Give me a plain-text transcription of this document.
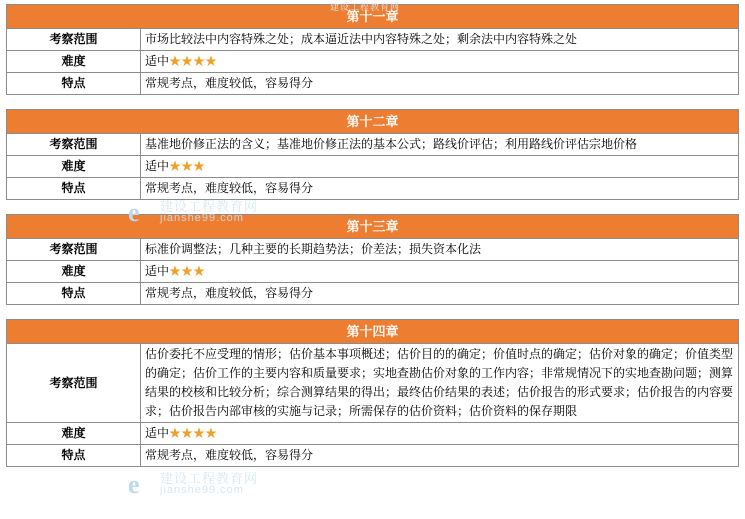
建设工程教育网
e 建设工程教育网
jianshe99.com
e 建设工程教育网
jianshe99.com
第十一章	
考察范围	市场比较法中内容特殊之处；成本逼近法中内容特殊之处；剩余法中内容特殊之处
难度	适中★★★★
特点	常规考点，难度较低，容易得分
第十二章	
考察范围	基准地价修正法的含义；基准地价修正法的基本公式；路线价评估；利用路线价评估宗地价格
难度	适中★★★
特点	常规考点，难度较低，容易得分
第十三章	
考察范围	标准价调整法；几种主要的长期趋势法；价差法；损失资本化法
难度	适中★★★
特点	常规考点，难度较低，容易得分
第十四章	
考察范围	估价委托不应受理的情形；估价基本事项概述；估价目的的确定；价值时点的确定；估价对象的确定；价值类型的确定；估价工作的主要内容和质量要求；实地查勘估价对象的工作内容；非常规情况下的实地查勘问题；测算结果的校核和比较分析；综合测算结果的得出；最终估价结果的表述；估价报告的形式要求；估价报告的内容要求；估价报告内部审核的实施与记录；所需保存的估价资料；估价资料的保存期限
难度	适中★★★★
特点	常规考点，难度较低，容易得分
